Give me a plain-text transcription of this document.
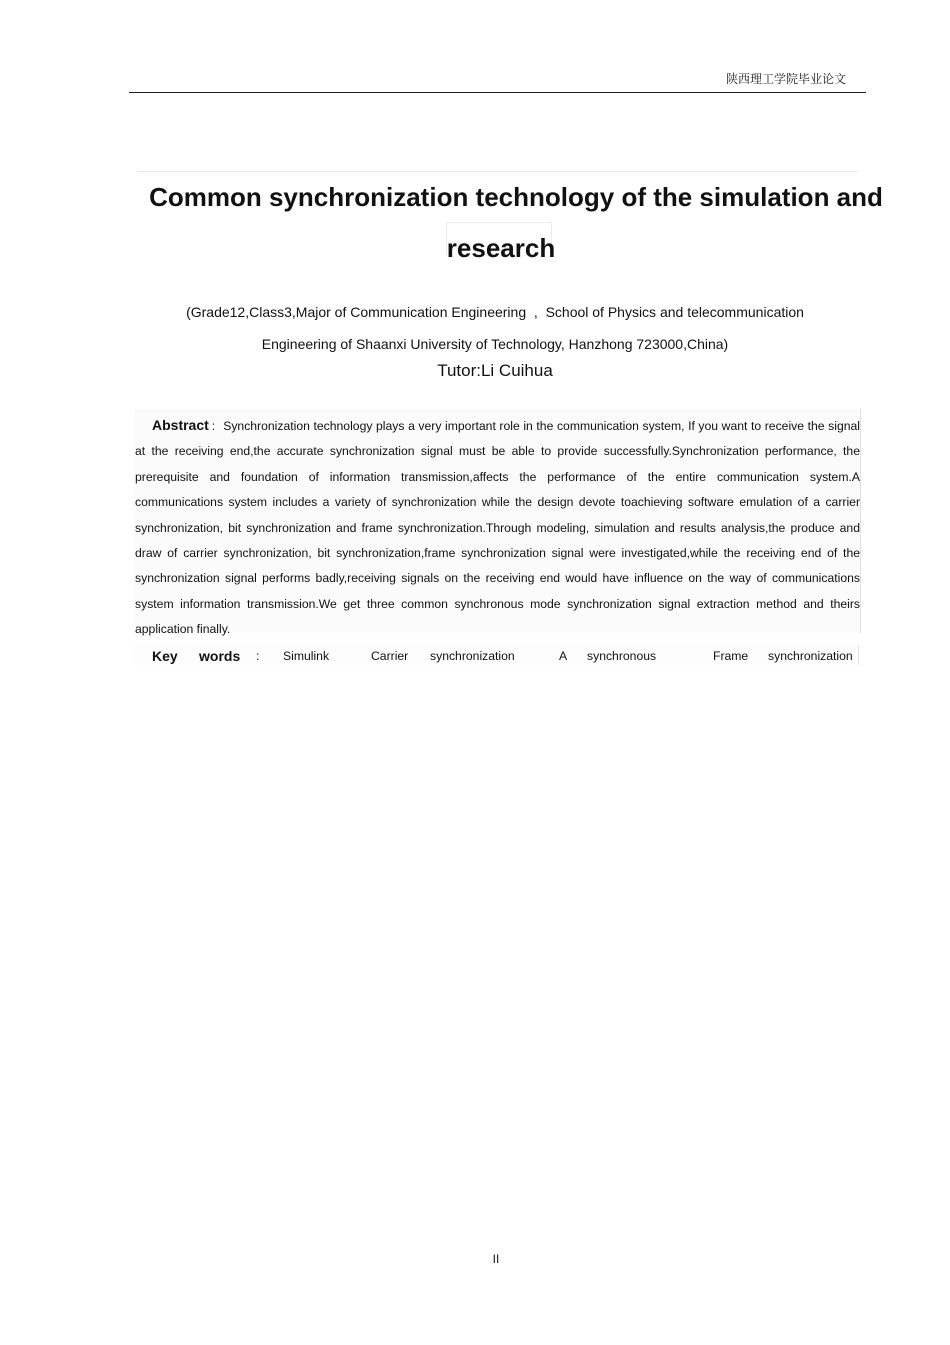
陕西理工学院毕业论文
Common synchronization technology of the simulation and
research
(Grade12,Class3,Major of Communication Engineering  ,  School of Physics and telecommunication
Engineering of Shaanxi University of Technology, Hanzhong 723000,China)
Tutor:Li Cuihua
Abstract : Synchronization technology plays a very important role in the communication system, If you want to receive the signal at the receiving end,the accurate synchronization signal must be able to provide successfully.Synchronization performance, the prerequisite and foundation of information transmission,affects the performance of the entire communication system.A communications system includes a variety of synchronization while the design devote toachieving software emulation of a carrier synchronization, bit synchronization and frame synchronization.Through modeling, simulation and results analysis,the produce and draw of carrier synchronization, bit synchronization,frame synchronization signal were investigated,while the receiving end of the synchronization signal performs badly,receiving signals on the receiving end would have influence on the way of communications system information transmission.We get three common synchronous mode synchronization signal extraction method and theirs application finally.
Key words : Simulink	Carrier synchronization	A synchronous	Frame synchronization
II
